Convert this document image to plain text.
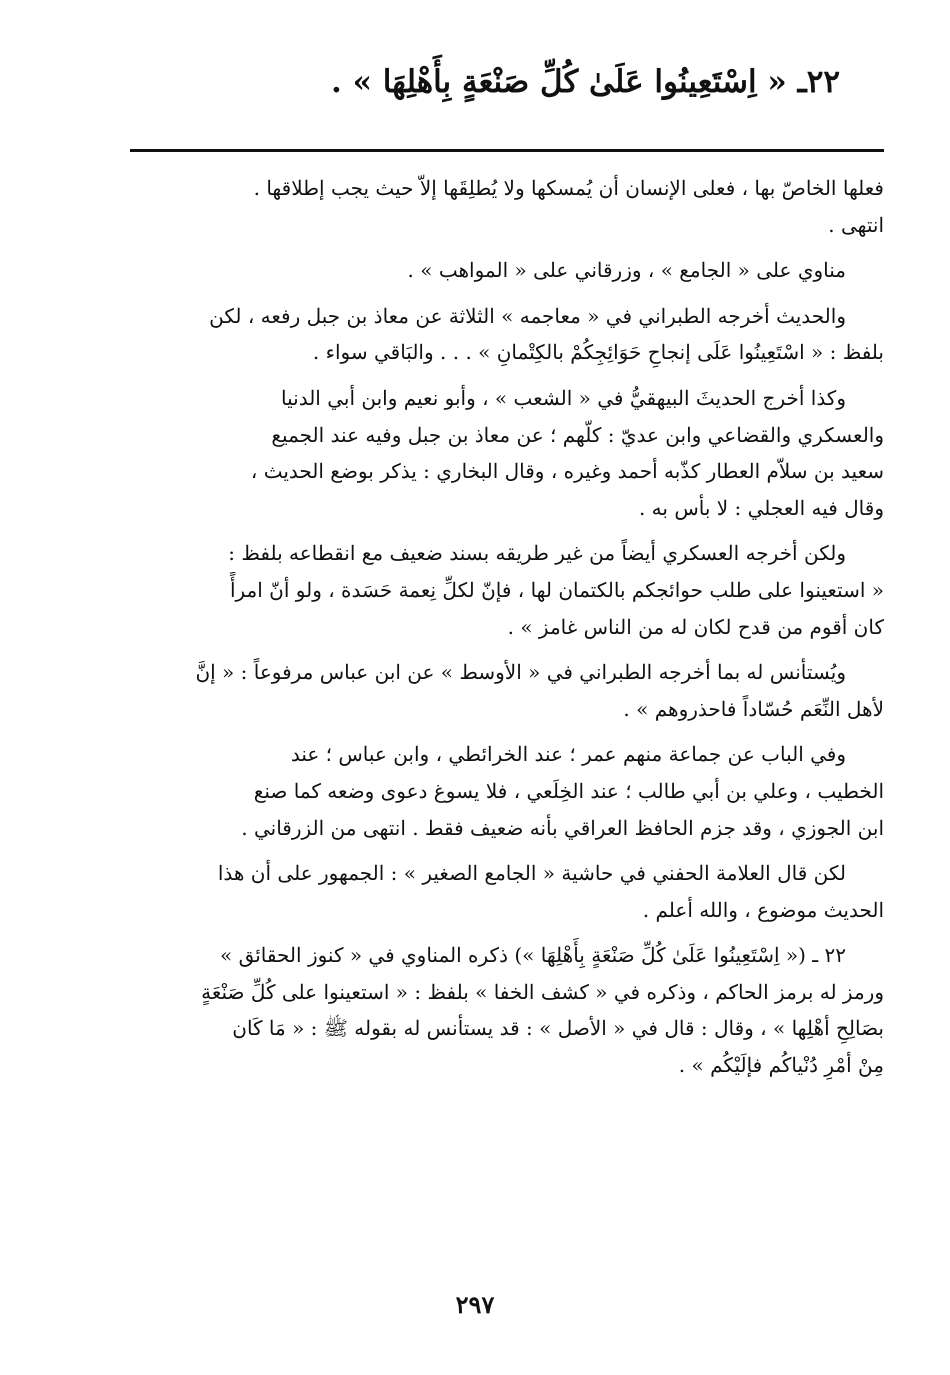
٢٢ـ « اِسْتَعِينُوا عَلَىٰ كُلِّ صَنْعَةٍ بِأَهْلِهَا » .
فعلها الخاصّ بها ، فعلى الإنسان أن يُمسكها ولا يُطلِقَها إلاّ حيث يجب إطلاقها .
انتهى .
مناوي على « الجامع » ، وزرقاني على « المواهب » .
والحديث أخرجه الطبراني في « معاجمه » الثلاثة عن معاذ بن جبل رفعه ، لكن
بلفظ : « اسْتَعِينُوا عَلَى إنجاحِ حَوَائِجِكُمْ بالكِتْمانِ » . . . والبَاقي سواء .
وكذا أخرج الحديثَ البيهقيُّ في « الشعب » ، وأبو نعيم وابن أبي الدنيا
والعسكري والقضاعي وابن عديّ : كلّهم ؛ عن معاذ بن جبل وفيه عند الجميع
سعيد بن سلاّم العطار كذّبه أحمد وغيره ، وقال البخاري : يذكر بوضع الحديث ،
وقال فيه العجلي : لا بأس به .
ولكن أخرجه العسكري أيضاً من غير طريقه بسند ضعيف مع انقطاعه بلفظ :
« استعينوا على طلب حوائجكم بالكتمان لها ، فإنّ لكلِّ نِعمة حَسَدة ، ولو أنّ امرأً
كان أقوم من قدح لكان له من الناس غامز » .
ويُستأنس له بما أخرجه الطبراني في « الأوسط » عن ابن عباس مرفوعاً : « إنَّ
لأهل النِّعَم حُسّاداً فاحذروهم » .
وفي الباب عن جماعة منهم عمر ؛ عند الخرائطي ، وابن عباس ؛ عند
الخطيب ، وعلي بن أبي طالب ؛ عند الخِلَعي ، فلا يسوغ دعوى وضعه كما صنع
ابن الجوزي ، وقد جزم الحافظ العراقي بأنه ضعيف فقط . انتهى من الزرقاني .
لكن قال العلامة الحفني في حاشية « الجامع الصغير » : الجمهور على أن هذا
الحديث موضوع ، والله أعلم .
٢٢ ـ (« اِسْتَعِينُوا عَلَىٰ كُلِّ صَنْعَةٍ بِأَهْلِهَا ») ذكره المناوي في « كنوز الحقائق »
ورمز له برمز الحاكم ، وذكره في « كشف الخفا » بلفظ : « استعينوا على كُلِّ صَنْعَةٍ
بصَالِحِ أهْلِها » ، وقال : قال في « الأصل » : قد يستأنس له بقوله ﷺ : « مَا كَان
مِنْ أمْرِ دُنْياكُم فإلَيْكُم » .
٢٩٧
